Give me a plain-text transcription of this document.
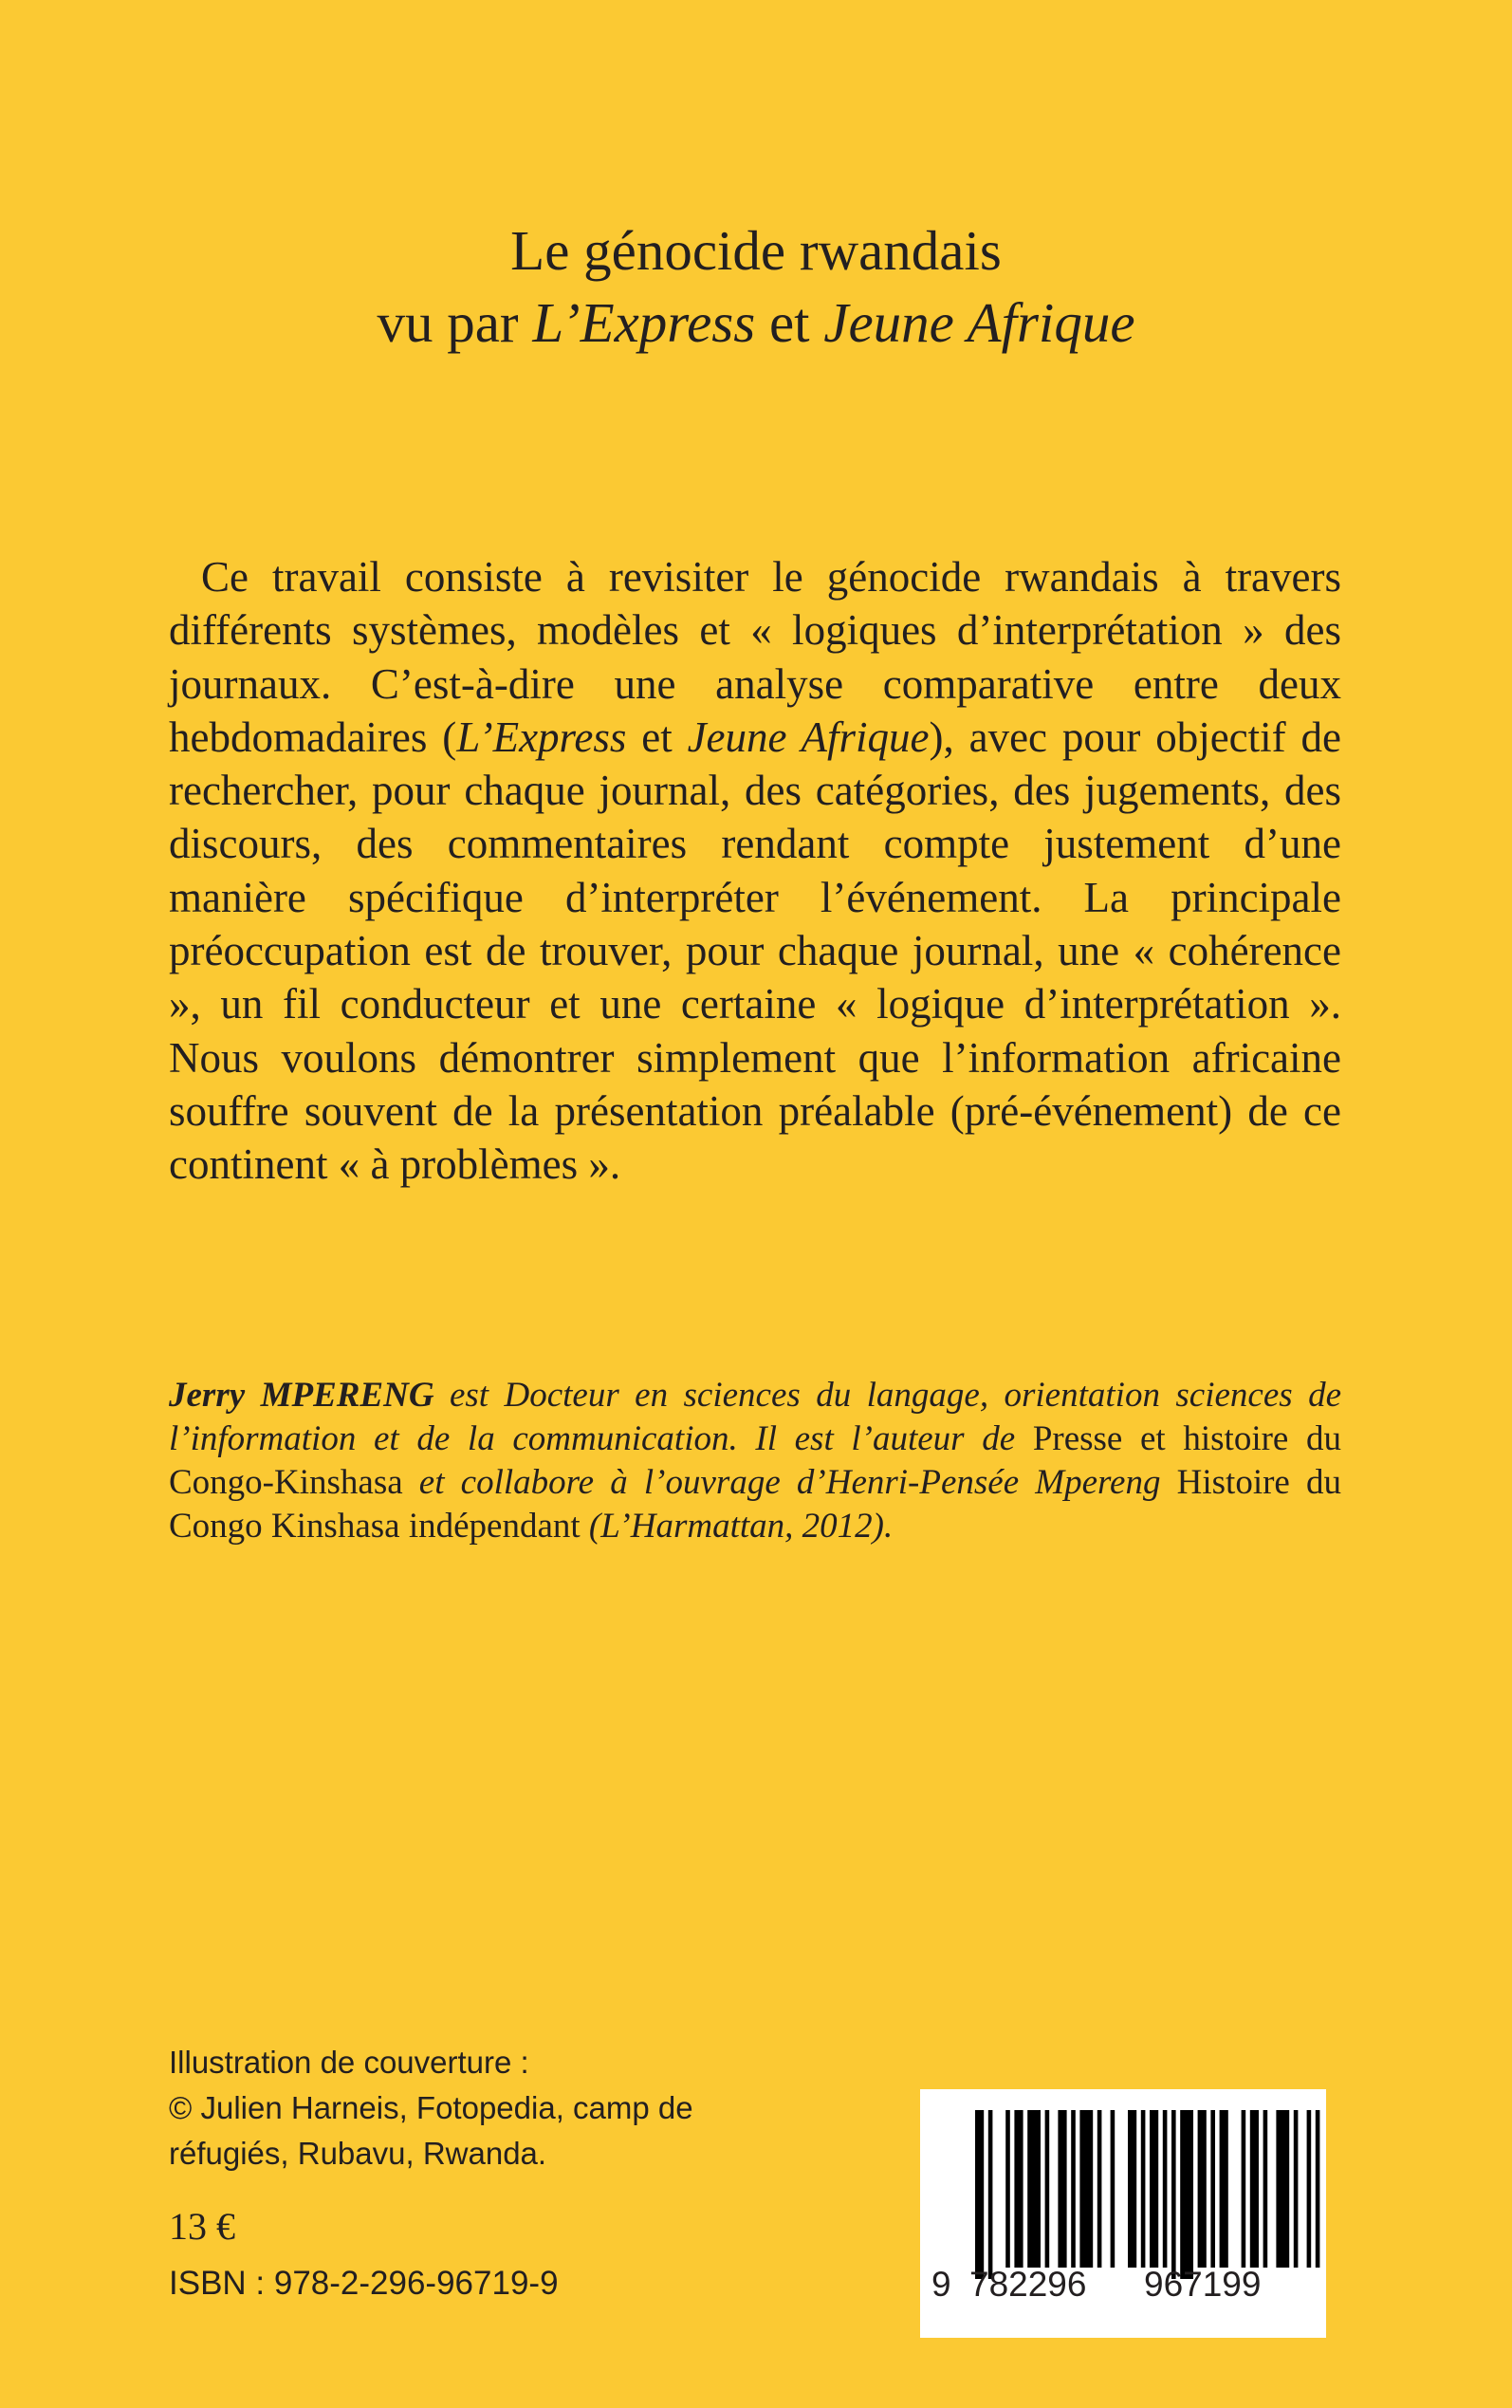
Le génocide rwandais
vu par L’Express et Jeune Afrique

Ce travail consiste à revisiter le génocide rwandais à travers différents systèmes, modèles et « logiques d’interprétation » des journaux. C’est-à-dire une analyse comparative entre deux hebdomadaires (L’Express et Jeune Afrique), avec pour objectif de rechercher, pour chaque journal, des catégories, des jugements, des discours, des commentaires rendant compte justement d’une manière spécifique d’interpréter l’événement. La principale préoccupation est de trouver, pour chaque journal, une « cohérence », un fil conducteur et une certaine « logique d’interprétation ». Nous voulons démontrer simplement que l’information africaine souffre souvent de la présentation préalable (pré-événement) de ce continent « à problèmes ».

Jerry MPERENG est Docteur en sciences du langage, orientation sciences de l’information et de la communication. Il est l’auteur de Presse et histoire du Congo-Kinshasa et collabore à l’ouvrage d’Henri-Pensée Mpereng Histoire du Congo Kinshasa indépendant (L’Harmattan, 2012).
Illustration de couverture :
© Julien Harneis, Fotopedia, camp de
réfugiés, Rubavu, Rwanda.
13 €
ISBN : 978-2-296-96719-9	9 782296 967199
